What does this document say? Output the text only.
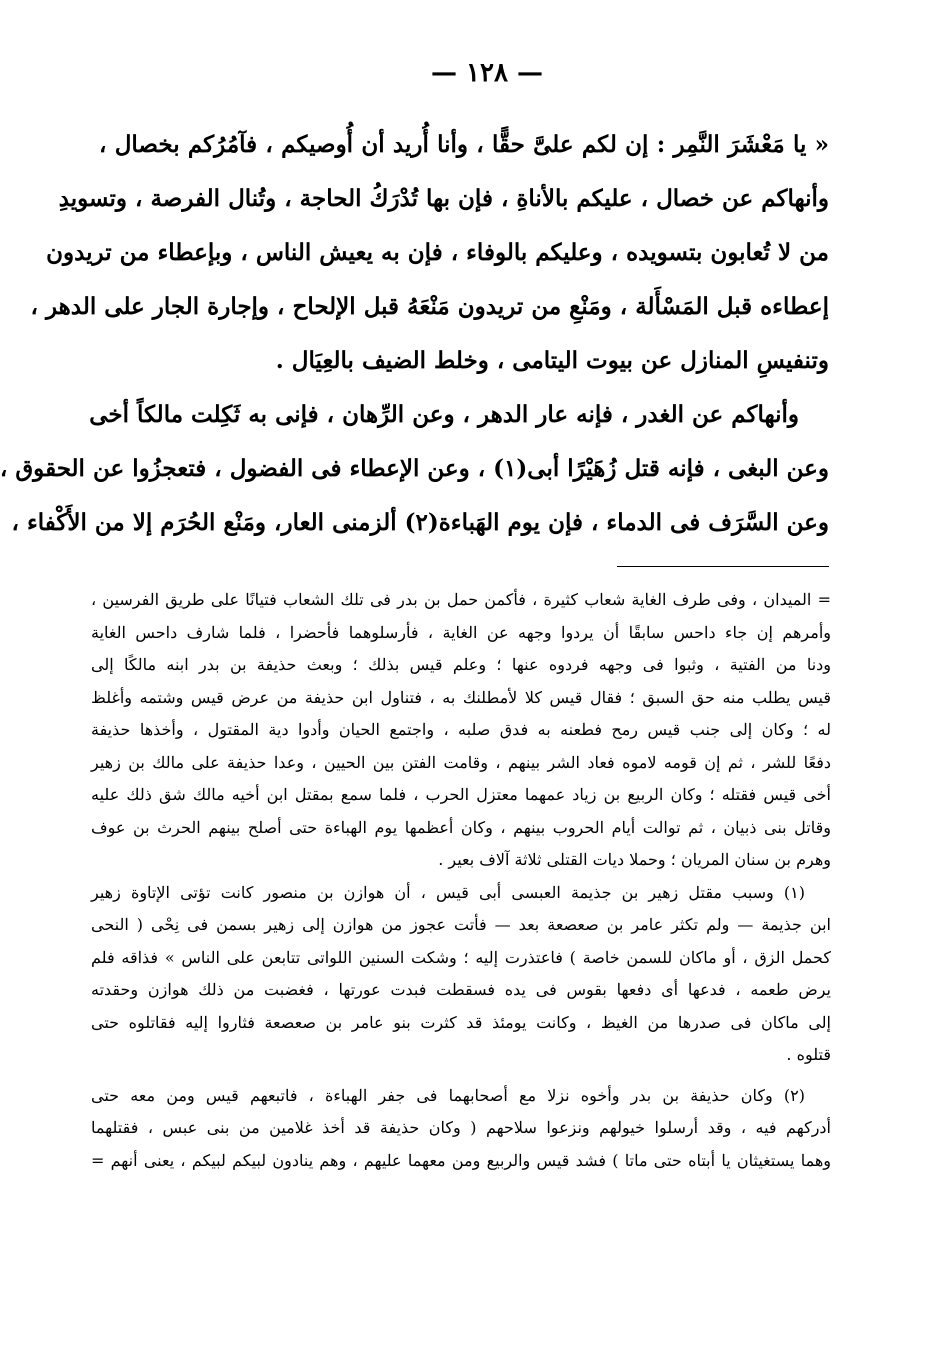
— ١٢٨ —
« يا مَعْشَرَ النَّمِر : إن لكم علىَّ حقًّا ، وأنا أُريد أن أُوصيكم ، فآمُرُكم بخصال ،
وأنهاكم عن خصال ، عليكم بالأناةِ ، فإن بها تُدْرَكُ الحاجة ، وتُنال الفرصة ، وتسويدِ
من لا تُعابون بتسويده ، وعليكم بالوفاء ، فإن به يعيش الناس ، وبإعطاء من تريدون
إعطاءه قبل المَسْأَلة ، ومَنْعِ من تريدون مَنْعَهُ قبل الإلحاح ، وإجارة الجار على الدهر ،
وتنفيسِ المنازل عن بيوت اليتامى ، وخلط الضيف بالعِيَال .
وأنهاكم عن الغدر ، فإنه عار الدهر ، وعن الرِّهان ، فإنى به ثَكِلت مالكاً أخى
وعن البغى ، فإنه قتل زُهَيْرًا أبى(١) ، وعن الإعطاء فى الفضول ، فتعجزُوا عن الحقوق ،
وعن السَّرَف فى الدماء ، فإن يوم الهَباءة(٢) ألزمنى العار، ومَنْع الحُرَم إلا من الأَكْفاء ،
= الميدان ، وفى طرف الغاية شعاب كثيرة ، فأكمن حمل بن بدر فى تلك الشعاب فتيانًا على طريق الفرسين ،
وأمرهم إن جاء داحس سابقًا أن يردوا وجهه عن الغاية ، فأرسلوهما فأحضرا ، فلما شارف داحس الغاية
ودنا من الفتية ، وثبوا فى وجهه فردوه عنها ؛ وعلم قيس بذلك ؛ وبعث حذيفة بن بدر ابنه مالكًا إلى
قيس يطلب منه حق السبق ؛ فقال قيس كلا لأمطلنك به ، فتناول ابن حذيفة من عرض قيس وشتمه وأغلظ
له ؛ وكان إلى جنب قيس رمح فطعنه به فدق صلبه ، واجتمع الحيان وأدوا دية المقتول ، وأخذها حذيفة
دفعًا للشر ، ثم إن قومه لاموه فعاد الشر بينهم ، وقامت الفتن بين الحيين ، وعدا حذيفة على مالك بن زهير
أخى قيس فقتله ؛ وكان الربيع بن زياد عمهما معتزل الحرب ، فلما سمع بمقتل ابن أخيه مالك شق ذلك عليه
وقاتل بنى ذبيان ، ثم توالت أيام الحروب بينهم ، وكان أعظمها يوم الهباءة حتى أصلح بينهم الحرث بن عوف
وهرم بن سنان المريان ؛ وحملا ديات القتلى ثلاثة آلاف بعير .
(١) وسبب مقتل زهير بن جذيمة العبسى أبى قيس ، أن هوازن بن منصور كانت تؤتى الإتاوة زهير
ابن جذيمة — ولم تكثر عامر بن صعصعة بعد — فأتت عجوز من هوازن إلى زهير بسمن فى نِحْى ( النحى
كحمل الزق ، أو ماكان للسمن خاصة ) فاعتذرت إليه ؛ وشكت السنين اللواتى تتابعن على الناس » فذاقه فلم
يرض طعمه ، فدعها أى دفعها بقوس فى يده فسقطت فبدت عورتها ، فغضبت من ذلك هوازن وحقدته
إلى ماكان فى صدرها من الغيظ ، وكانت يومئذ قد كثرت بنو عامر بن صعصعة فثاروا إليه فقاتلوه حتى
قتلوه .
(٢) وكان حذيفة بن بدر وأخوه نزلا مع أصحابهما فى جفر الهباءة ، فاتبعهم قيس ومن معه حتى
أدركهم فيه ، وقد أرسلوا خيولهم ونزعوا سلاحهم ( وكان حذيفة قد أخذ غلامين من بنى عبس ، فقتلهما
وهما يستغيثان يا أبتاه حتى ماتا ) فشد قيس والربيع ومن معهما عليهم ، وهم ينادون لبيكم لبيكم ، يعنى أنهم =
